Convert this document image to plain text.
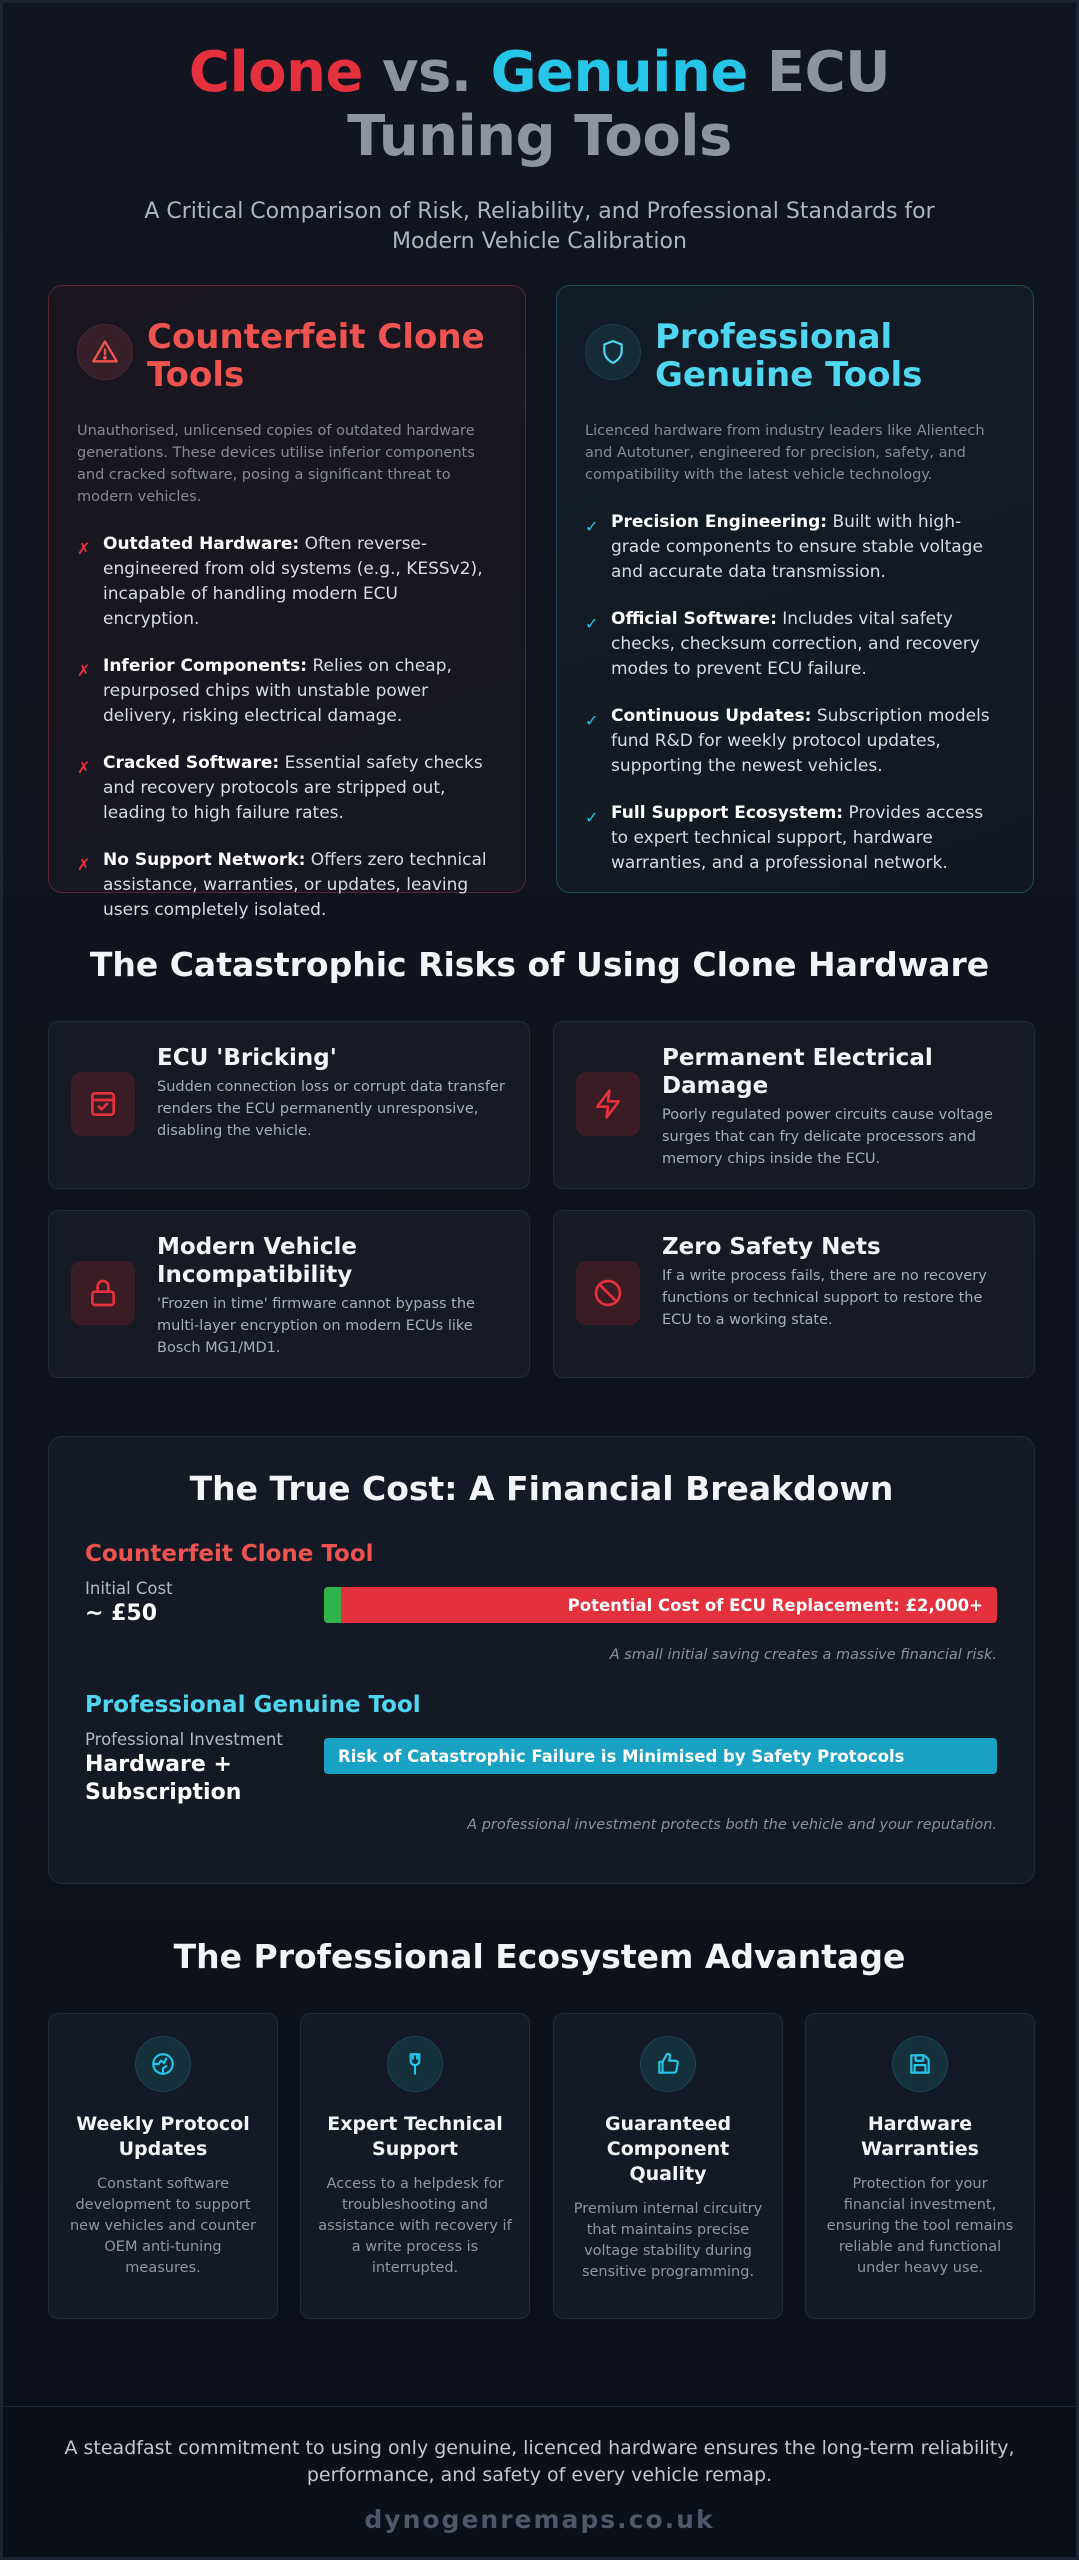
Clone vs. Genuine ECU Tuning Tools

A Critical Comparison of Risk, Reliability, and Professional Standards for Modern Vehicle Calibration

Counterfeit Clone Tools

Unauthorised, unlicensed copies of outdated hardware generations. These devices utilise inferior components and cracked software, posing a significant threat to modern vehicles.

✗ Outdated Hardware: Often reverse-engineered from old systems (e.g., KESSv2), incapable of handling modern ECU encryption.
✗ Inferior Components: Relies on cheap, repurposed chips with unstable power delivery, risking electrical damage.
✗ Cracked Software: Essential safety checks and recovery protocols are stripped out, leading to high failure rates.
✗ No Support Network: Offers zero technical assistance, warranties, or updates, leaving users completely isolated.
Professional Genuine Tools

Licenced hardware from industry leaders like Alientech and Autotuner, engineered for precision, safety, and compatibility with the latest vehicle technology.

✓ Precision Engineering: Built with high-grade components to ensure stable voltage and accurate data transmission.
✓ Official Software: Includes vital safety checks, checksum correction, and recovery modes to prevent ECU failure.
✓ Continuous Updates: Subscription models fund R&D for weekly protocol updates, supporting the newest vehicles.
✓ Full Support Ecosystem: Provides access to expert technical support, hardware warranties, and a professional network.
The Catastrophic Risks of Using Clone Hardware
ECU 'Bricking'
Sudden connection loss or corrupt data transfer renders the ECU permanently unresponsive, disabling the vehicle.
Permanent Electrical Damage
Poorly regulated power circuits cause voltage surges that can fry delicate processors and memory chips inside the ECU.
Modern Vehicle Incompatibility
'Frozen in time' firmware cannot bypass the multi-layer encryption on modern ECUs like Bosch MG1/MD1.
Zero Safety Nets
If a write process fails, there are no recovery functions or technical support to restore the ECU to a working state.
The True Cost: A Financial Breakdown
Counterfeit Clone Tool
Initial Cost
~ £50	Potential Cost of ECU Replacement: £2,000+
A small initial saving creates a massive financial risk.
Professional Genuine Tool
Professional Investment
Hardware + Subscription
Risk of Catastrophic Failure is Minimised by Safety Protocols
A professional investment protects both the vehicle and your reputation.
The Professional Ecosystem Advantage
Weekly Protocol Updates
Constant software development to support new vehicles and counter OEM anti-tuning measures.
Expert Technical Support
Access to a helpdesk for troubleshooting and assistance with recovery if a write process is interrupted.
Guaranteed Component Quality
Premium internal circuitry that maintains precise voltage stability during sensitive programming.
Hardware Warranties
Protection for your financial investment, ensuring the tool remains reliable and functional under heavy use.

A steadfast commitment to using only genuine, licenced hardware ensures the long-term reliability, performance, and safety of every vehicle remap.

dynogenremaps.co.uk
